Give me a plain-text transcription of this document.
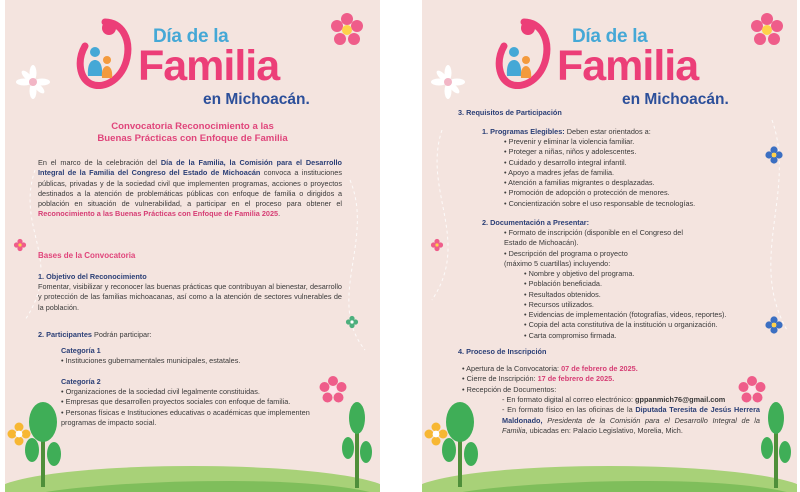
Día de la
Familia
en Michoacán.
Convocatoria Reconocimiento a las
Buenas Prácticas con Enfoque de Familia
En el marco de la celebración del Día de la Familia, la Comisión para el Desarrollo Integral de la Familia del Congreso del Estado de Michoacán convoca a instituciones públicas, privadas y de la sociedad civil que implementen programas, acciones o proyectos destinados a la atención de problemáticas públicas con enfoque de familia o dirigidos a población en situación de vulnerabilidad, a participar en el proceso para obtener el Reconocimiento a las Buenas Prácticas con Enfoque de Familia 2025.
Bases de la Convocatoria
1. Objetivo del Reconocimiento
Fomentar, visibilizar y reconocer las buenas prácticas que contribuyan al bienestar, desarrollo y protección de las familias michoacanas, así como a la atención de sectores vulnerables de la población.
2. Participantes Podrán participar:
Categoría 1
• Instituciones gubernamentales municipales, estatales.
Categoría 2
• Organizaciones de la sociedad civil legalmente constituidas.
• Empresas que desarrollen proyectos sociales con enfoque de familia.
• Personas físicas e Instituciones educativas o académicas que implementen programas de impacto social.
Día de la
Familia
en Michoacán.
3. Requisitos de Participación
1. Programas Elegibles: Deben estar orientados a:
• Prevenir y eliminar la violencia familiar.
• Proteger a niñas, niños y adolescentes.
• Cuidado y desarrollo integral infantil.
• Apoyo a madres jefas de familia.
• Atención a familias migrantes o desplazadas.
• Promoción de adopción o protección de menores.
• Concientización sobre el uso responsable de tecnologías.
2. Documentación a Presentar:
• Formato de inscripción (disponible en el Congreso del
Estado de Michoacán).
• Descripción del programa o proyecto
(máximo 5 cuartillas) incluyendo:
• Nombre y objetivo del programa.
• Población beneficiada.
• Resultados obtenidos.
• Recursos utilizados.
• Evidencias de implementación (fotografías, videos, reportes).
• Copia del acta constitutiva de la institución u organización.
• Carta compromiso firmada.
4. Proceso de Inscripción
• Apertura de la Convocatoria: 07 de febrero de 2025.
• Cierre de Inscripción: 17 de febrero de 2025.
• Recepción de Documentos:
- En formato digital al correo electrónico: gppanmich76@gmail.com
- En formato físico en las oficinas de la Diputada Teresita de Jesús Herrera Maldonado, Presidenta de la Comisión para el Desarrollo Integral de la Familia, ubicadas en: Palacio Legislativo, Morelia, Mich.
